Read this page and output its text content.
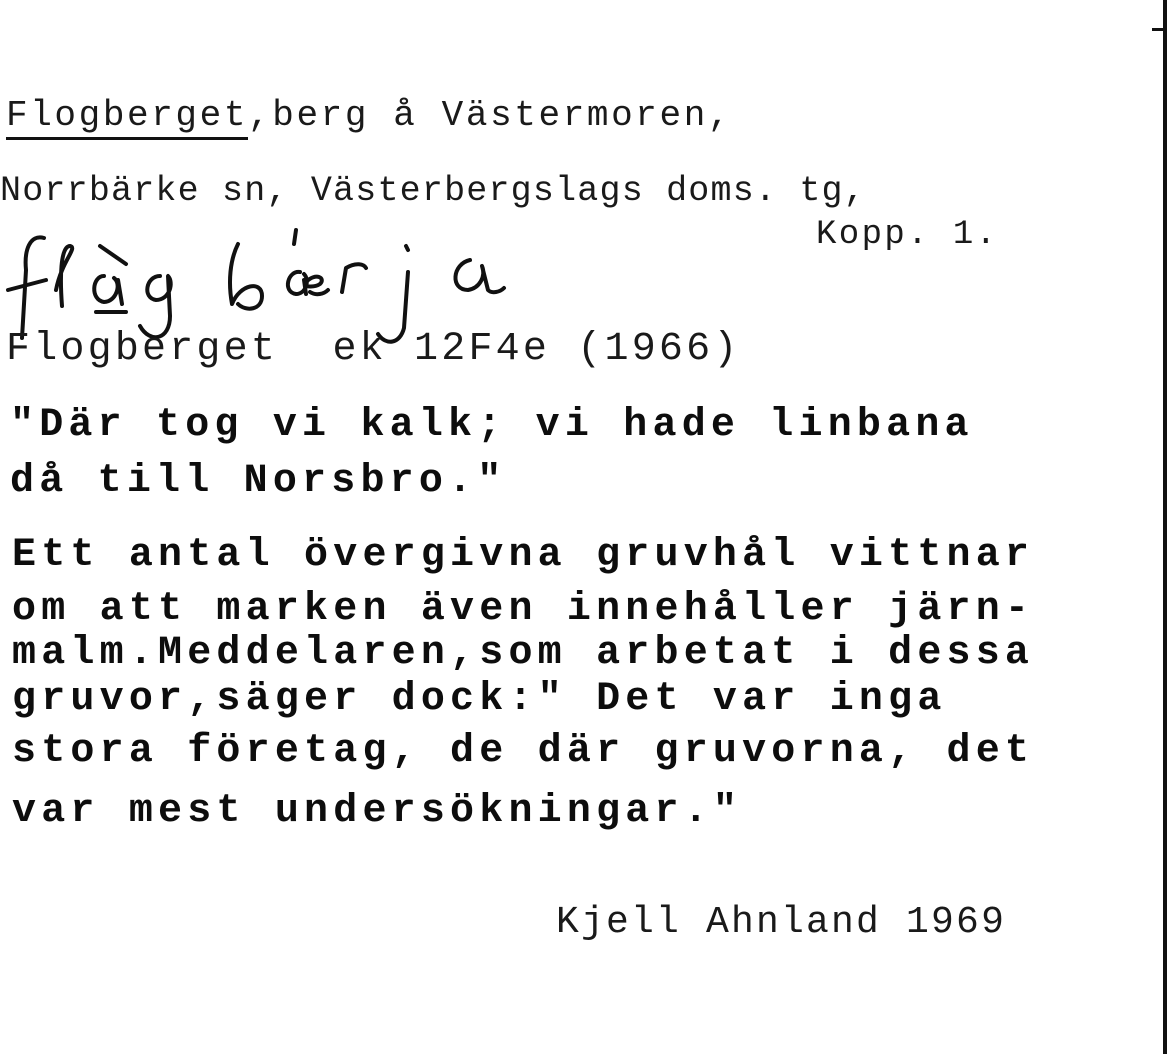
Flogberget,berg å Västermoren,
Norrbärke sn, Västerbergslags doms. tg,
Kopp. 1.
Flogberget  ek 12F4e (1966)
"Där tog vi kalk; vi hade linbana
då till Norsbro."
Ett antal övergivna gruvhål vittnar
om att marken även innehåller järn-
malm.Meddelaren,som arbetat i dessa
gruvor,säger dock:" Det var inga
stora företag, de där gruvorna, det
var mest undersökningar."
Kjell Ahnland 1969
